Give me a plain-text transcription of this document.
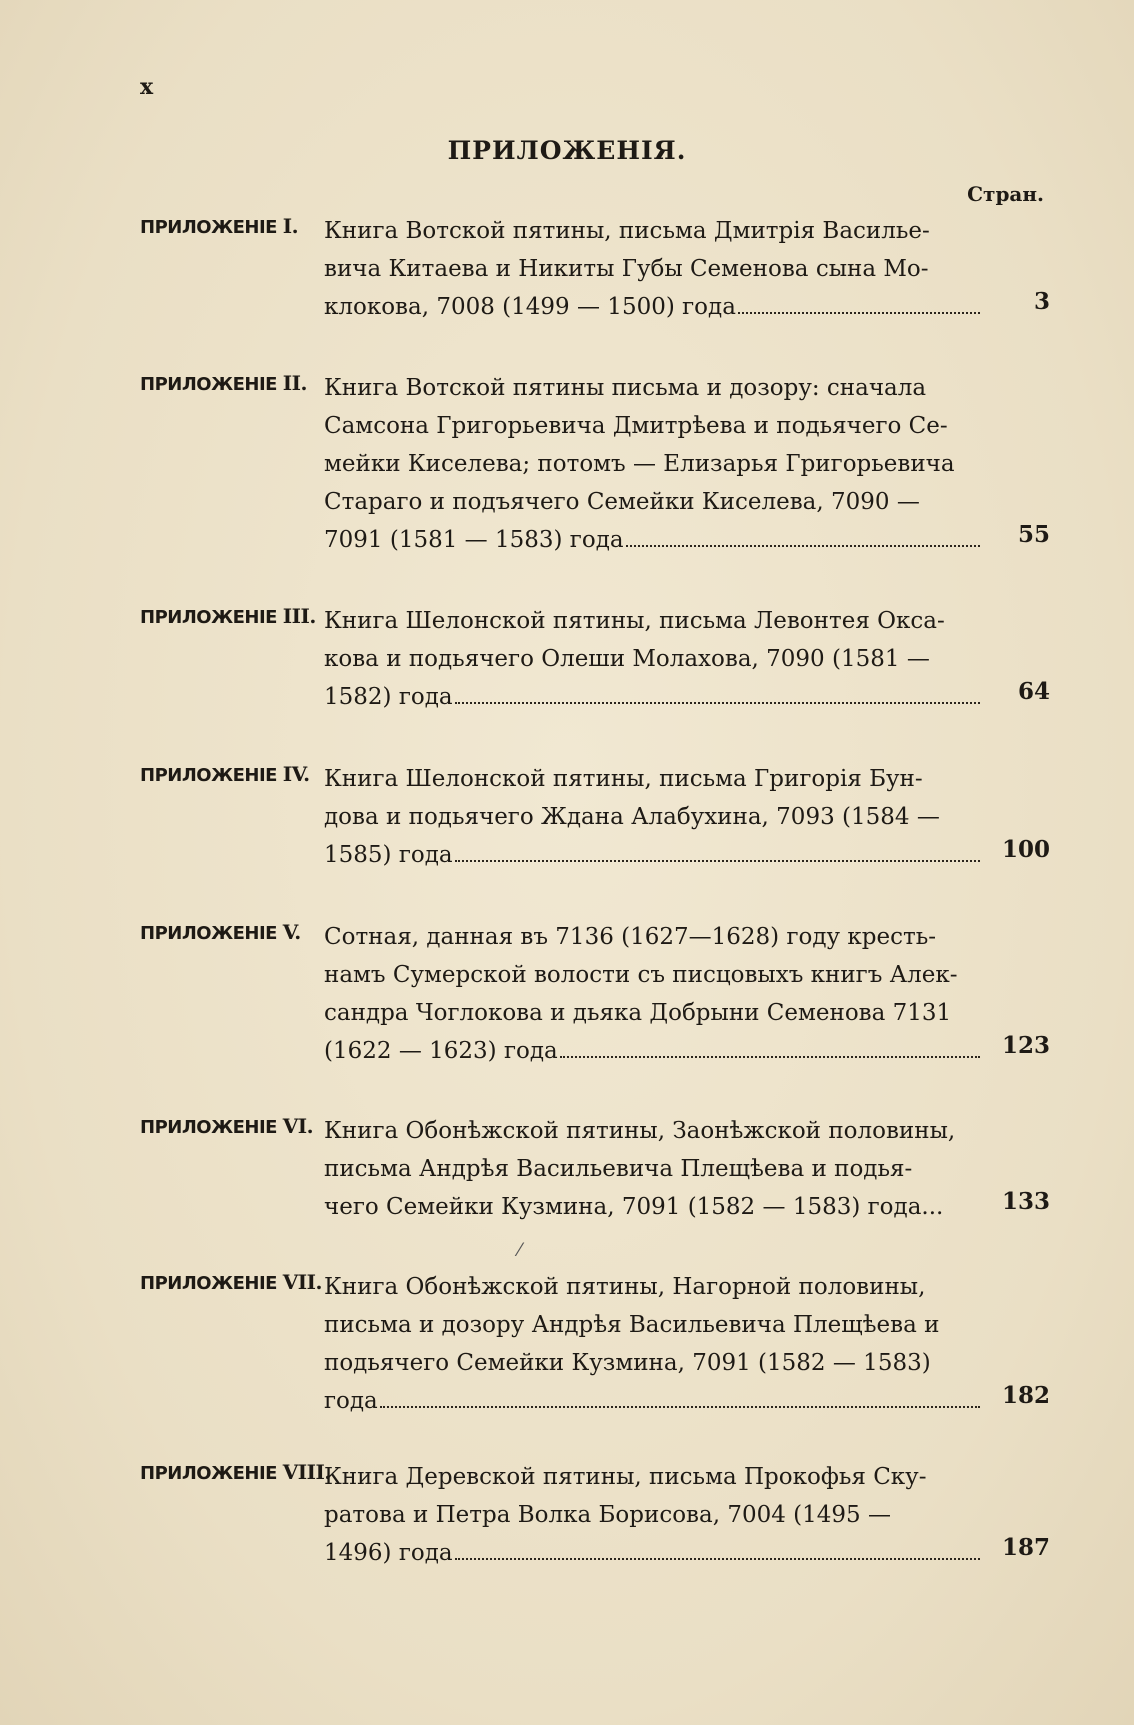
x
ПРИЛОЖЕНІЯ.
Стран.
ПРИЛОЖЕНІЕ I. Книга Вотской пятины, письма Дмитрія Василье-
вича Китаева и Никиты Губы Семенова сына Мо-
клокова, 7008 (1499 — 1500) года	3
ПРИЛОЖЕНІЕ II. Книга Вотской пятины письма и дозору: сначала
Самсона Григорьевича Дмитрѣева и подьячего Се-
мейки Киселева; потомъ — Елизарья Григорьевича
Стараго и подъячего Семейки Киселева, 7090 —
7091 (1581 — 1583) года	55
ПРИЛОЖЕНІЕ III. Книга Шелонской пятины, письма Левонтея Окса-
кова и подьячего Олеши Молахова, 7090 (1581 —
1582) года	64
ПРИЛОЖЕНІЕ IV. Книга Шелонской пятины, письма Григорія Бун-
дова и подьячего Ждана Алабухина, 7093 (1584 —
1585) года	100
ПРИЛОЖЕНІЕ V. Сотная, данная въ 7136 (1627—1628) году кресть-
намъ Сумерской волости съ писцовыхъ книгъ Алек-
сандра Чоглокова и дьяка Добрыни Семенова 7131
(1622 — 1623) года	123
ПРИЛОЖЕНІЕ VI. Книга Обонѣжской пятины, Заонѣжской половины,
письма Андрѣя Васильевича Плещѣева и подья-
чего Семейки Кузмина, 7091 (1582 — 1583) года...	133
⁄
ПРИЛОЖЕНІЕ VII. Книга Обонѣжской пятины, Нагорной половины,
письма и дозору Андрѣя Васильевича Плещѣева и
подьячего Семейки Кузмина, 7091 (1582 — 1583)
года	182
ПРИЛОЖЕНІЕ VIII.
Книга Деревской пятины, письма Прокофья Ску-
ратова и Петра Волка Борисова, 7004 (1495 —
1496) года	187
